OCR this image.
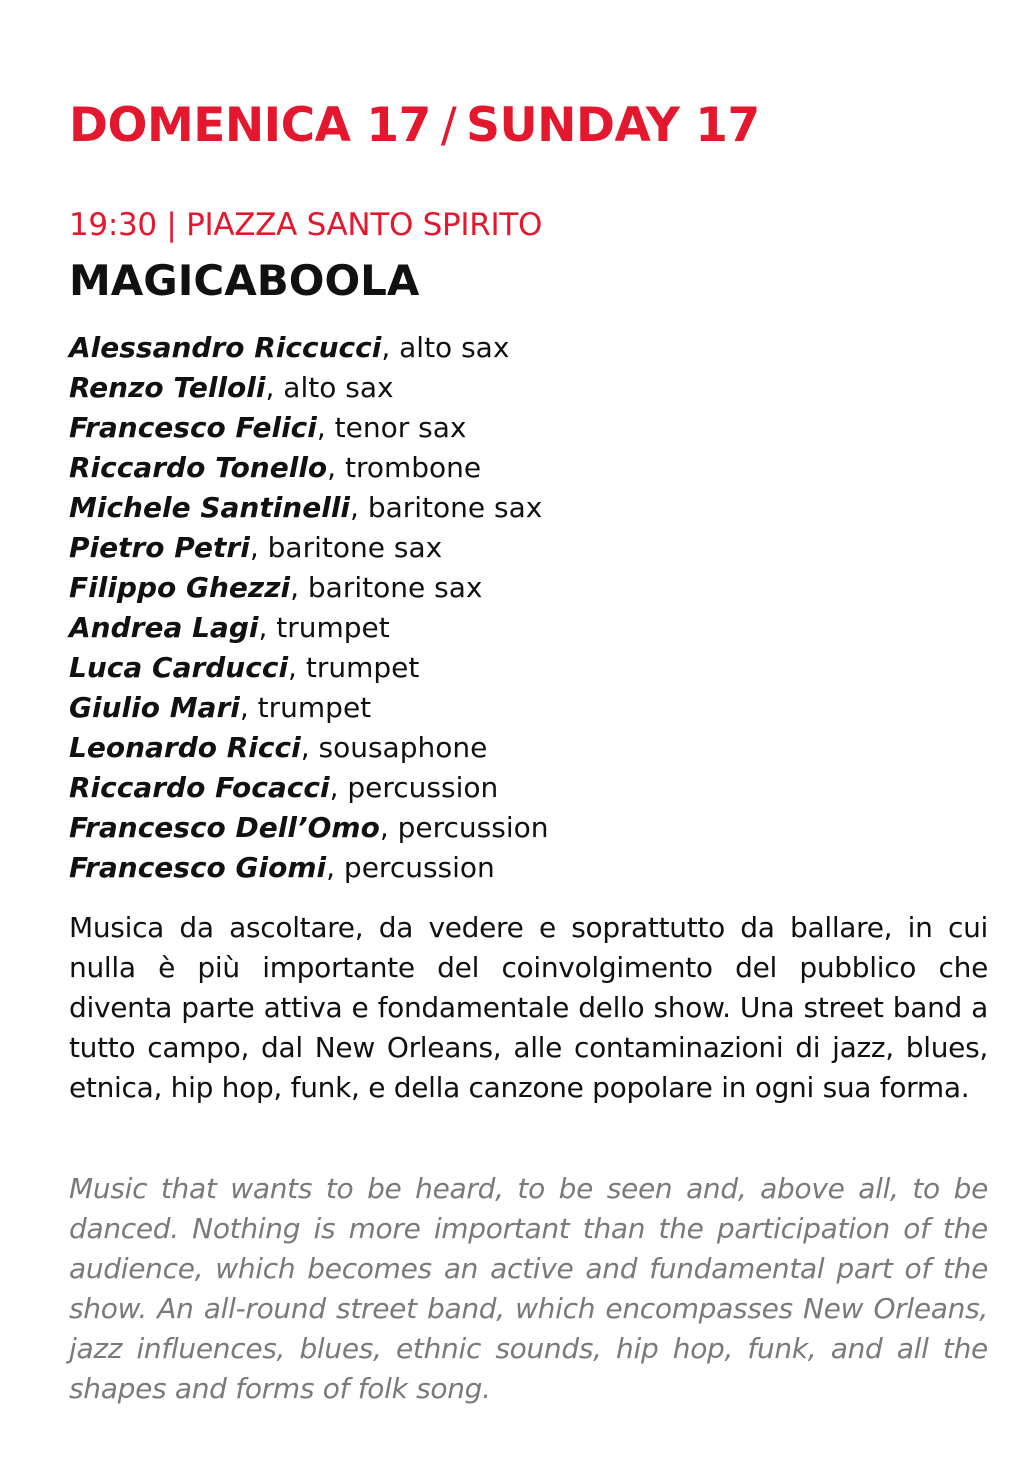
DOMENICA 17 / SUNDAY 17
19:30 | PIAZZA SANTO SPIRITO
MAGICABOOLA
Alessandro Riccucci, alto sax
Renzo Telloli, alto sax
Francesco Felici, tenor sax
Riccardo Tonello, trombone
Michele Santinelli, baritone sax
Pietro Petri, baritone sax
Filippo Ghezzi, baritone sax
Andrea Lagi, trumpet
Luca Carducci, trumpet
Giulio Mari, trumpet
Leonardo Ricci, sousaphone
Riccardo Focacci, percussion
Francesco Dell’Omo, percussion
Francesco Giomi, percussion

Musica da ascoltare, da vedere e soprattutto da ballare, in cui nulla è più importante del coinvolgimento del pubblico che diventa parte attiva e fondamentale dello show. Una street band a tutto campo, dal New Orleans, alle contaminazioni di jazz, blues, etnica, hip hop, funk, e della canzone popolare in ogni sua forma.

Music that wants to be heard, to be seen and, above all, to be danced. Nothing is more important than the participation of the audience, which becomes an active and fundamental part of the show. An all-round street band, which encompasses New Orleans, jazz influences, blues, ethnic sounds, hip hop, funk, and all the shapes and forms of folk song.
